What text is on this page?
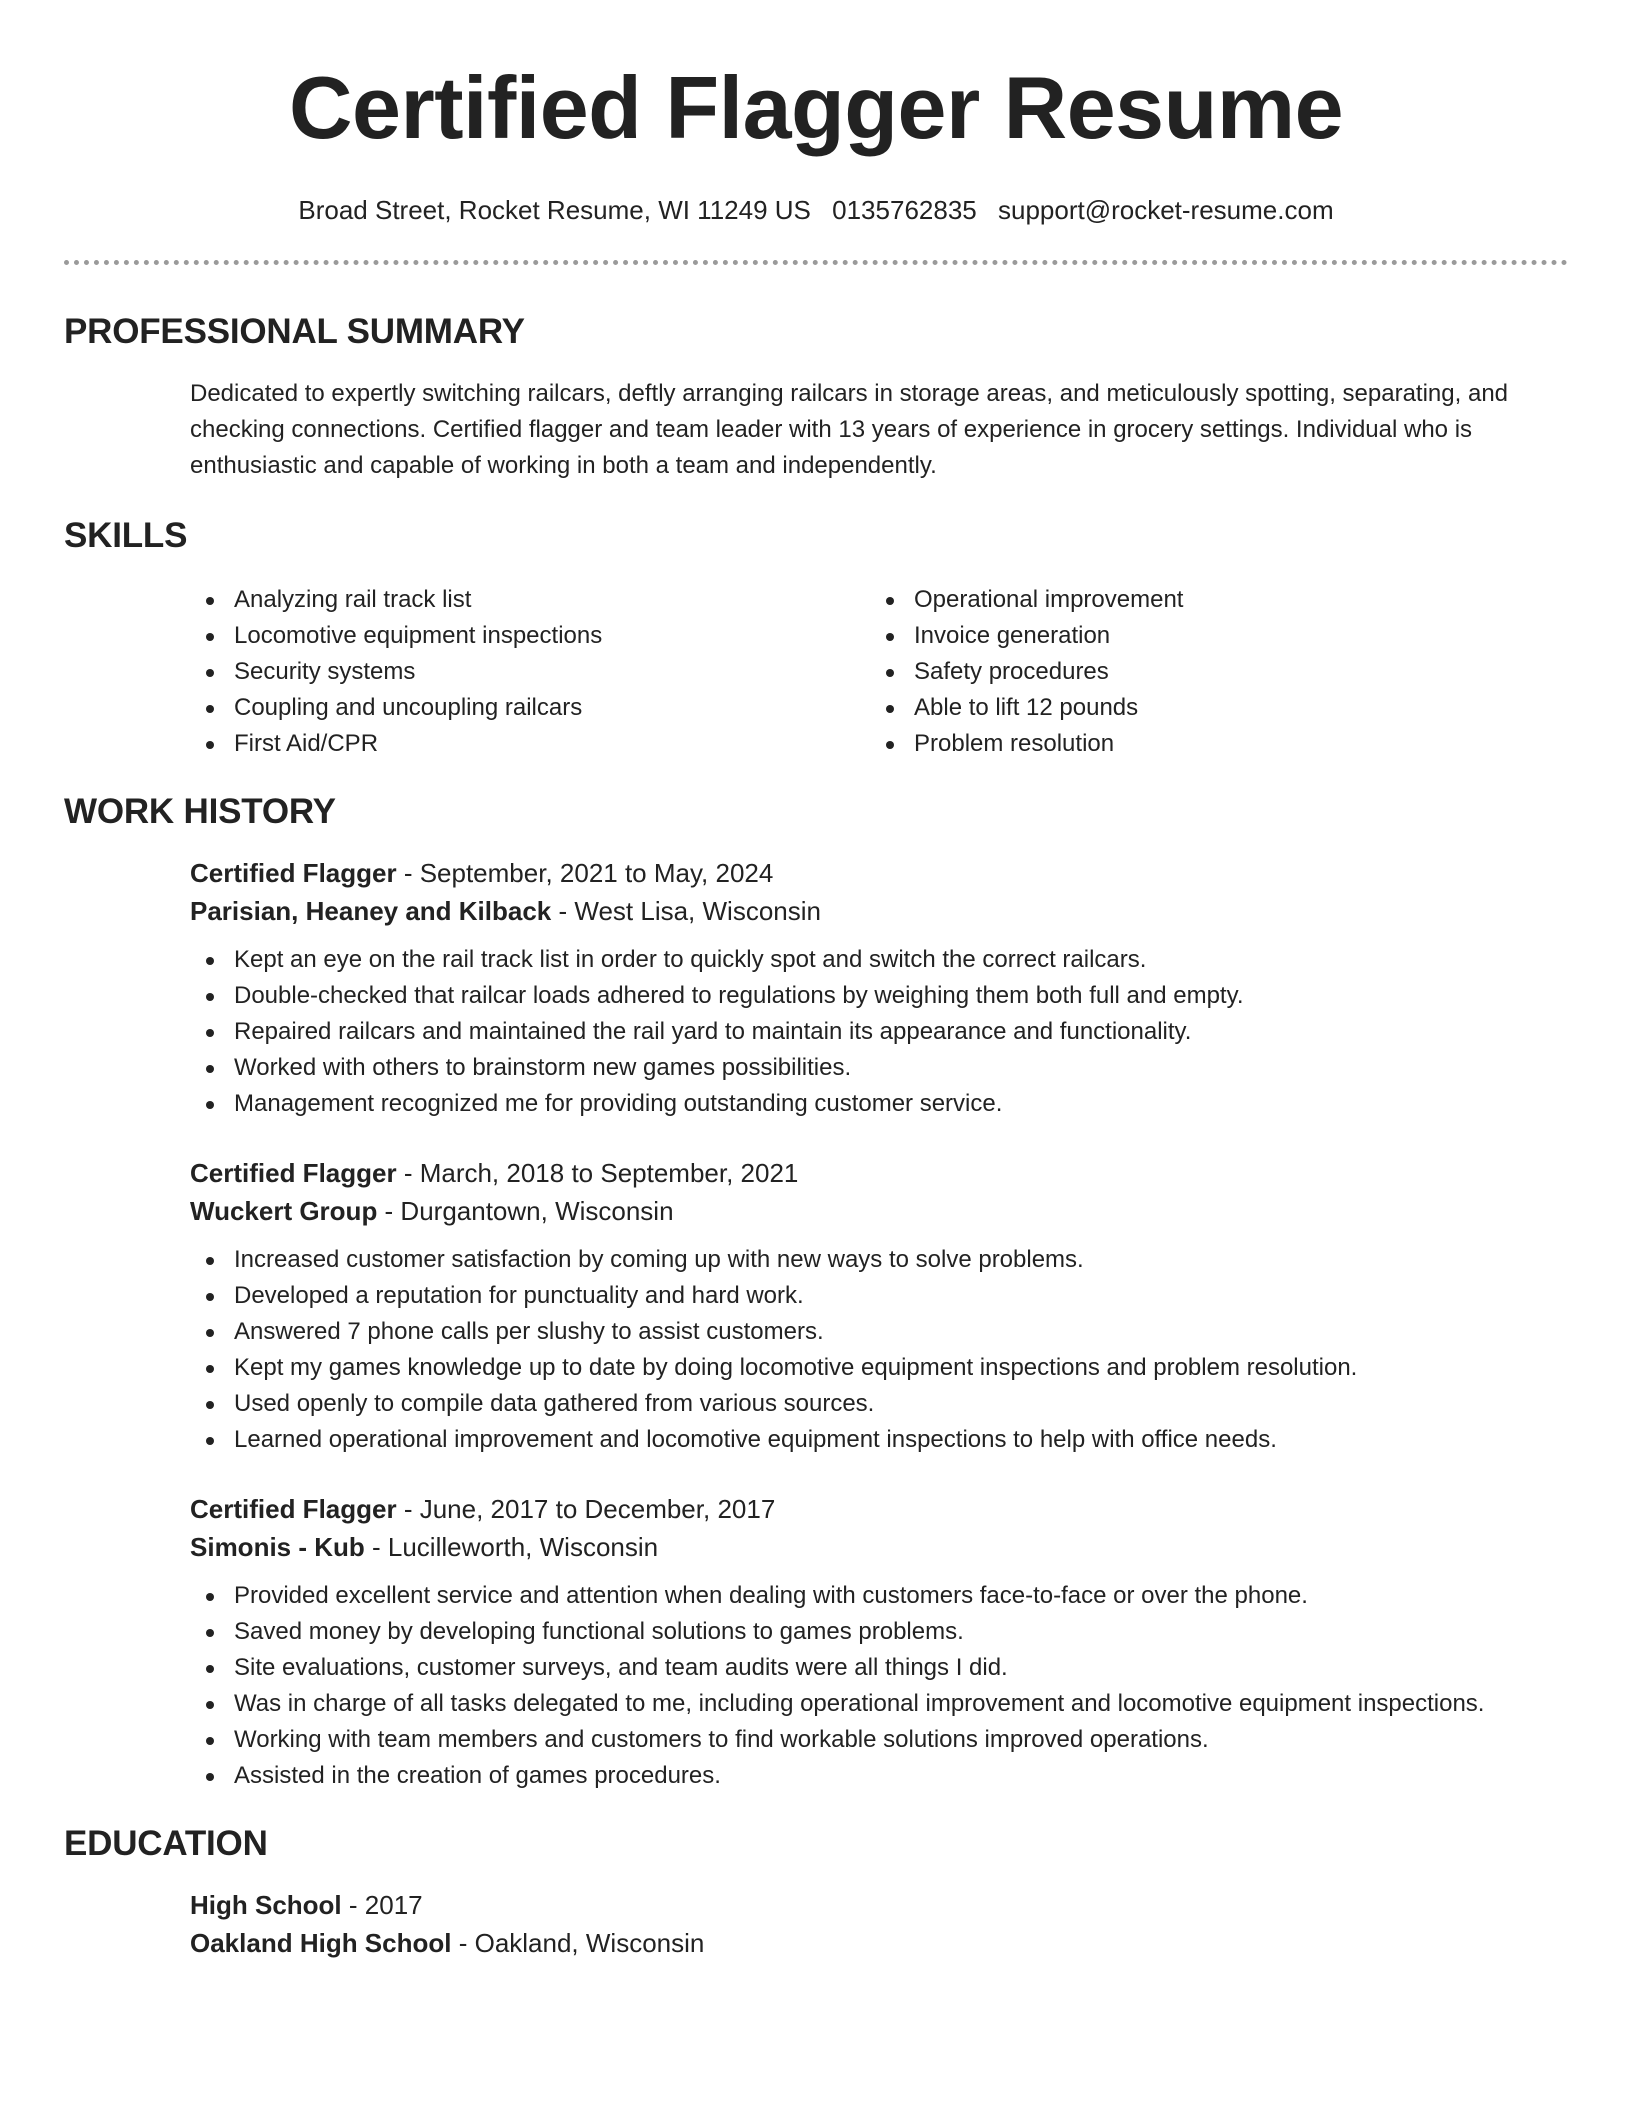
Certified Flagger Resume
Broad Street, Rocket Resume, WI 11249 US 0135762835 support@rocket-resume.com
PROFESSIONAL SUMMARY

Dedicated to expertly switching railcars, deftly arranging railcars in storage areas, and meticulously spotting, separating, and checking connections. Certified flagger and team leader with 13 years of experience in grocery settings. Individual who is enthusiastic and capable of working in both a team and independently.

SKILLS
Analyzing rail track list
Locomotive equipment inspections
Security systems
Coupling and uncoupling railcars
First Aid/CPR
Operational improvement
Invoice generation
Safety procedures
Able to lift 12 pounds
Problem resolution
WORK HISTORY
Certified Flagger - September, 2021 to May, 2024
Parisian, Heaney and Kilback - West Lisa, Wisconsin
Kept an eye on the rail track list in order to quickly spot and switch the correct railcars.
Double-checked that railcar loads adhered to regulations by weighing them both full and empty.
Repaired railcars and maintained the rail yard to maintain its appearance and functionality.
Worked with others to brainstorm new games possibilities.
Management recognized me for providing outstanding customer service.
Certified Flagger - March, 2018 to September, 2021
Wuckert Group - Durgantown, Wisconsin
Increased customer satisfaction by coming up with new ways to solve problems.
Developed a reputation for punctuality and hard work.
Answered 7 phone calls per slushy to assist customers.
Kept my games knowledge up to date by doing locomotive equipment inspections and problem resolution.
Used openly to compile data gathered from various sources.
Learned operational improvement and locomotive equipment inspections to help with office needs.
Certified Flagger - June, 2017 to December, 2017
Simonis - Kub - Lucilleworth, Wisconsin
Provided excellent service and attention when dealing with customers face-to-face or over the phone.
Saved money by developing functional solutions to games problems.
Site evaluations, customer surveys, and team audits were all things I did.
Was in charge of all tasks delegated to me, including operational improvement and locomotive equipment inspections.
Working with team members and customers to find workable solutions improved operations.
Assisted in the creation of games procedures.
EDUCATION
High School - 2017
Oakland High School - Oakland, Wisconsin
